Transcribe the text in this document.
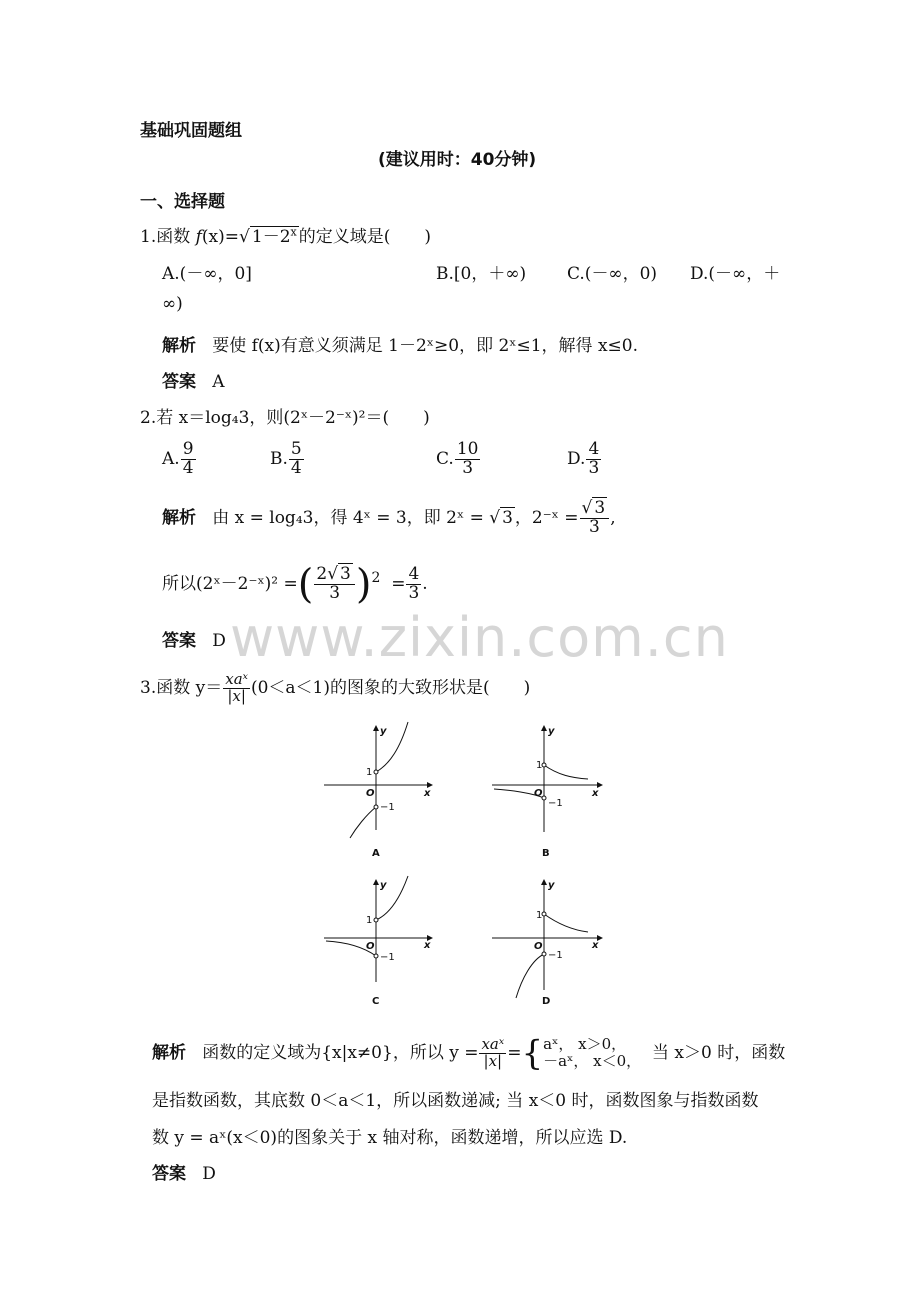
www.zixin.com.cn
基础巩固题组
(建议用时：40分钟)
一、选择题
1.函数 f(x)=√ $1-2^x$ 的定义域是(　　)
A.(－∞，0]	B.[0，＋∞) C.(－∞，0) D.(－∞，＋
∞)
解析 要使 f(x)有意义须满足 1－2ˣ≥0，即 2ˣ≤1，解得 x≤0.
答案 A
2.若 x＝log₄3，则(2ˣ－2⁻ˣ)²＝(　　)
A. $\frac{9}{4}$	B. $\frac{5}{4}$	C. $\frac{10}{3}$	D. $\frac{4}{3}$
解析 由 x = log₄3，得 4ˣ = 3，即 2ˣ = √ 3 ，2⁻ˣ = $\frac{√ 3}{3}$ ,
所以(2ˣ－2⁻ˣ)² =( $\frac{2√ 3}{3} )^2 = \frac{4}{3}$ .
答案 D
3.函数 $y= \frac{\text{xaˣ}}{|x|} (0<a<1)$的图象的大致形状是(　　)
y
x
O
1
−1
A
y
x
O
1
−1
B
y
x
O
1
−1
C
y
x
O
1
−1
D
解析 函数的定义域为{x|x≠0}，所以 $y = \frac{\text{xaˣ}}{|x|}$ ={ aˣ， x＞0，
－aˣ， x＜0， 当 x＞0 时，函数
是指数函数，其底数 0＜a＜1，所以函数递减; 当 x＜0 时，函数图象与指数函数
数 y = aˣ(x＜0)的图象关于 x 轴对称，函数递增，所以应选 D.
答案 D
